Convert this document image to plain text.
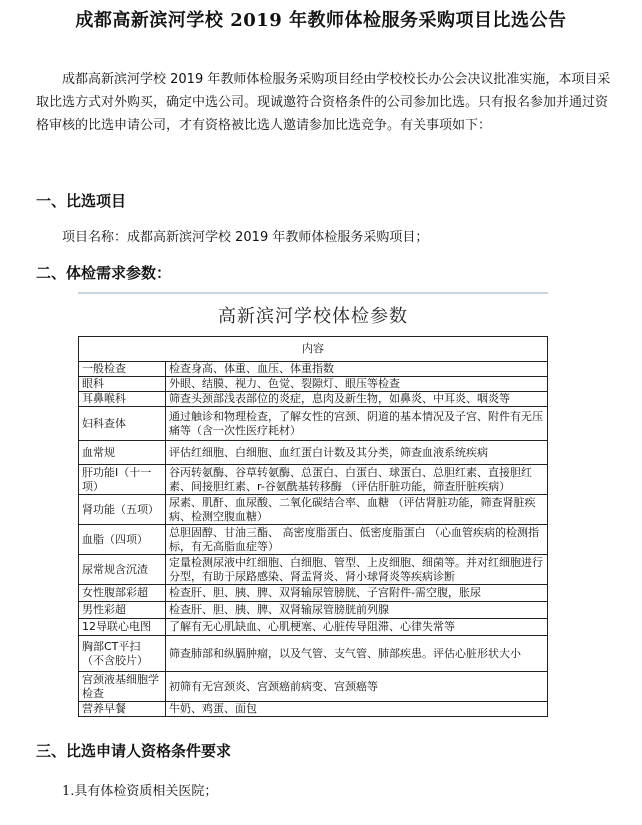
成都高新滨河学校 2019 年教师体检服务采购项目比选公告
成都高新滨河学校 2019 年教师体检服务采购项目经由学校校长办公会决议批准实施，本项目采取比选方式对外购买，确定中选公司。现诚邀符合资格条件的公司参加比选。只有报名参加并通过资格审核的比选申请公司，才有资格被比选人邀请参加比选竞争。有关事项如下：
一、比选项目
项目名称：成都高新滨河学校 2019 年教师体检服务采购项目；
二、体检需求参数：
高新滨河学校体检参数
内容	
一般检查	检查身高、体重、血压、体重指数
眼科	外眼、结膜、视力、色觉、裂隙灯、眼压等检查
耳鼻喉科	筛查头颈部浅表部位的炎症，息肉及新生物，如鼻炎、中耳炎、咽炎等
妇科查体	通过触诊和物理检查，了解女性的宫颈、阴道的基本情况及子宫、附件有无压痛等（含一次性医疗耗材）
血常规	评估红细胞、白细胞、血红蛋白计数及其分类，筛查血液系统疾病
肝功能I（十一项）	谷丙转氨酶、谷草转氨酶、总蛋白、白蛋白、球蛋白、总胆红素、直接胆红素、间接胆红素、r-谷氨酰基转移酶 （评估肝脏功能，筛查肝脏疾病）
肾功能（五项）	尿素、肌酐、血尿酸、二氧化碳结合率、血糖 （评估肾脏功能，筛查肾脏疾病、检测空腹血糖）
血脂（四项）	总胆固醇、甘油三酯、 高密度脂蛋白、低密度脂蛋白 （心血管疾病的检测指标，有无高脂血症等）
尿常规含沉渣	定量检测尿液中红细胞、白细胞、管型、上皮细胞、细菌等。并对红细胞进行分型，有助于尿路感染、肾盂肾炎、肾小球肾炎等疾病诊断
女性腹部彩超	检查肝、胆、胰、脾、双肾输尿管膀胱、子宫附件-需空腹，胀尿
男性彩超	检查肝、胆、胰、脾、双肾输尿管膀胱前列腺
12导联心电图	了解有无心肌缺血、心肌梗塞、心脏传导阻滞、心律失常等
胸部CT平扫（不含胶片）	筛查肺部和纵膈肿瘤，以及气管、支气管、肺部疾患。评估心脏形状大小
宫颈液基细胞学检查	初筛有无宫颈炎、宫颈癌前病变、宫颈癌等
营养早餐	牛奶、鸡蛋、面包
三、比选申请人资格条件要求
1.具有体检资质相关医院；
